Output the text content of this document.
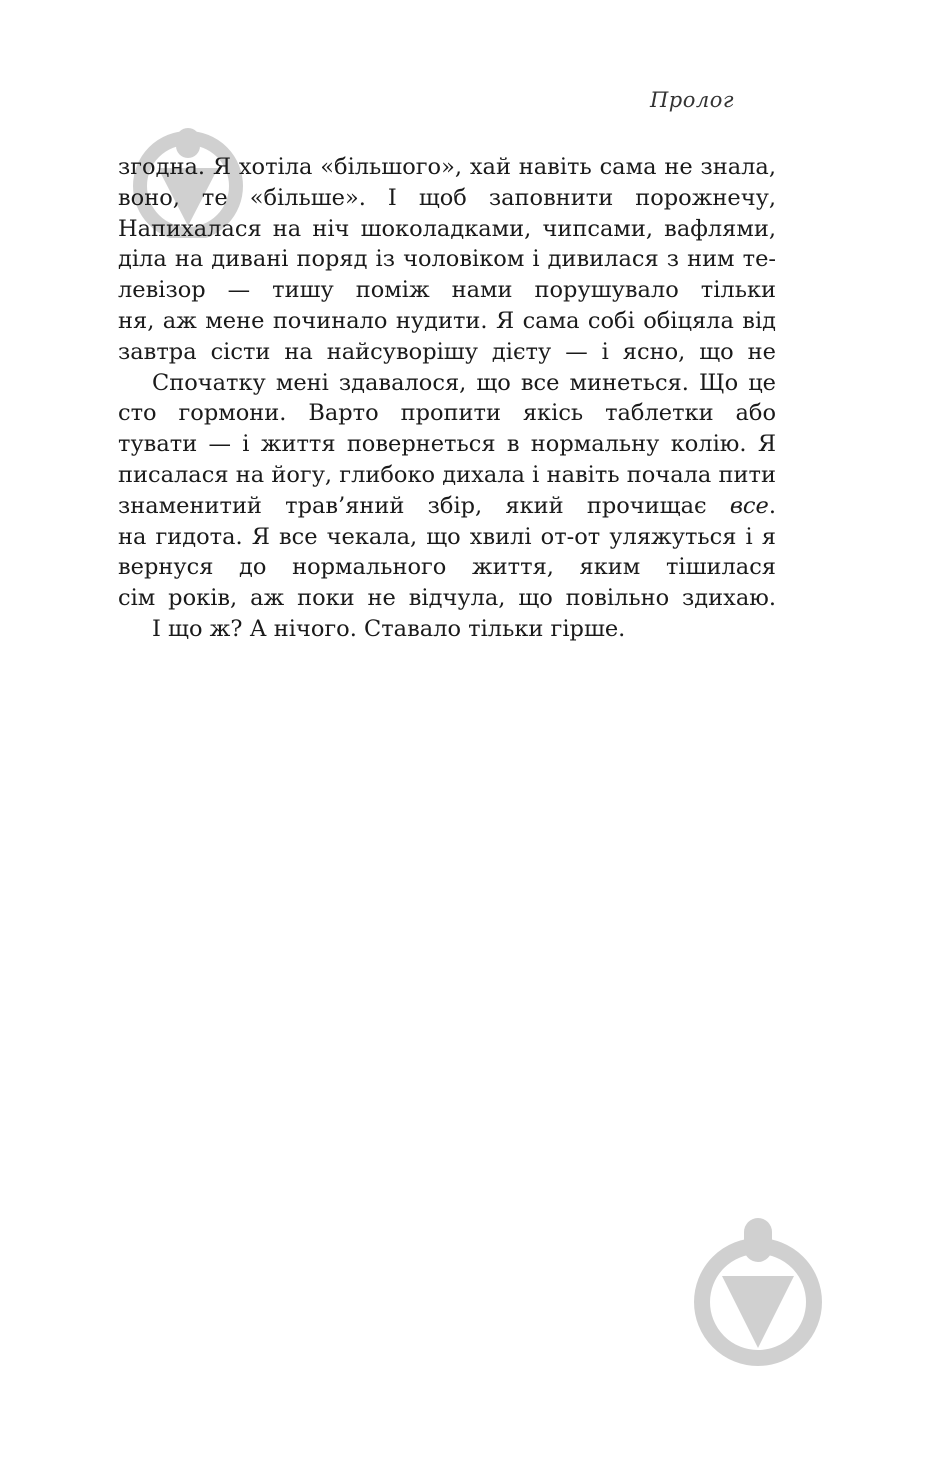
Пролог
згодна. Я хотіла «більшого», хай навіть сама не знала,
воно, те «більше». І щоб заповнити порожнечу,
Напихалася на ніч шоколадками, чипсами, вафлями,
діла на дивані поряд із чоловіком і дивилася з ним те-
левізор — тишу поміж нами порушувало тільки
ня, аж мене починало нудити. Я сама собі обіцяла від
завтра сісти на найсуворішу дієту — і ясно, що не
Спочатку мені здавалося, що все минеться. Що це
сто гормони. Варто пропити якісь таблетки або
тувати — і життя повернеться в нормальну колію. Я
писалася на йогу, глибоко дихала і навіть почала пити
знаменитий трав’яний збір, який прочищає все.
на гидота. Я все чекала, що хвилі от-от уляжуться і я
вернуся до нормального життя, яким тішилася
сім років, аж поки не відчула, що повільно здихаю.
І що ж? А нічого. Ставало тільки гірше.
